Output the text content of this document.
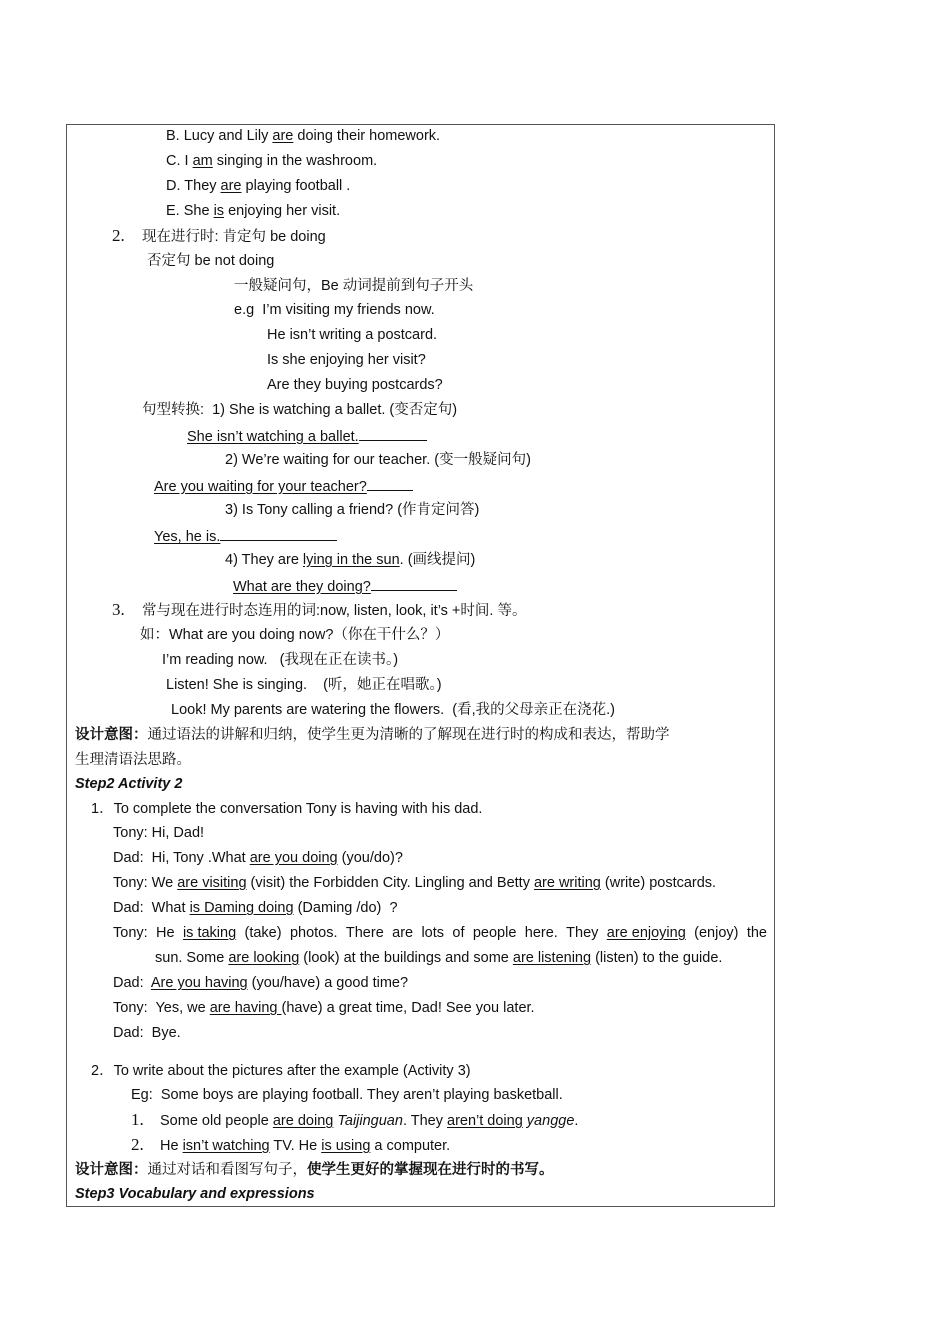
B. Lucy and Lily are doing their homework.
C. I am singing in the washroom.
D. They are playing football .
E. She is enjoying her visit.
2. 现在进行时: 肯定句 be doing
否定句 be not doing
一般疑问句，Be 动词提前到句子开头
e.g  I’m visiting my friends now.
He isn’t writing a postcard.
Is she enjoying her visit?
Are they buying postcards?
句型转换:  1) She is watching a ballet. (变否定句)
She isn’t watching a ballet.
2) We’re waiting for our teacher. (变一般疑问句)
Are you waiting for your teacher?
3) Is Tony calling a friend? (作肯定问答)
Yes, he is.
4) They are lying in the sun. (画线提问)
What are they doing?
3. 常与现在进行时态连用的词:now, listen, look, it’s +时间. 等。
如：What are you doing now?（你在干什么？）
I’m reading now.   (我现在正在读书。)
Listen! She is singing.    (听，她正在唱歌。)
Look! My parents are watering the flowers.  (看,我的父母亲正在浇花.)
设计意图：通过语法的讲解和归纳，使学生更为清晰的了解现在进行时的构成和表达，帮助学
生理清语法思路。
Step2 Activity 2
1．To complete the conversation Tony is having with his dad.
Tony: Hi, Dad!
Dad:  Hi, Tony .What are you doing (you/do)?
Tony: We are visiting (visit) the Forbidden City. Lingling and Betty are writing (write) postcards.
Dad:  What is Daming doing (Daming /do)  ?
Tony: He is taking (take) photos. There are lots of people here. They are enjoying (enjoy) the
sun. Some are looking (look) at the buildings and some are listening (listen) to the guide.
Dad:  Are you having (you/have) a good time?
Tony:  Yes, we are having (have) a great time, Dad! See you later.
Dad:  Bye.
2．To write about the pictures after the example (Activity 3)
Eg:  Some boys are playing football. They aren’t playing basketball.
1. Some old people are doing Taijinguan. They aren’t doing yangge.
2. He isn’t watching TV. He is using a computer.
设计意图：通过对话和看图写句子，使学生更好的掌握现在进行时的书写。
Step3 Vocabulary and expressions
